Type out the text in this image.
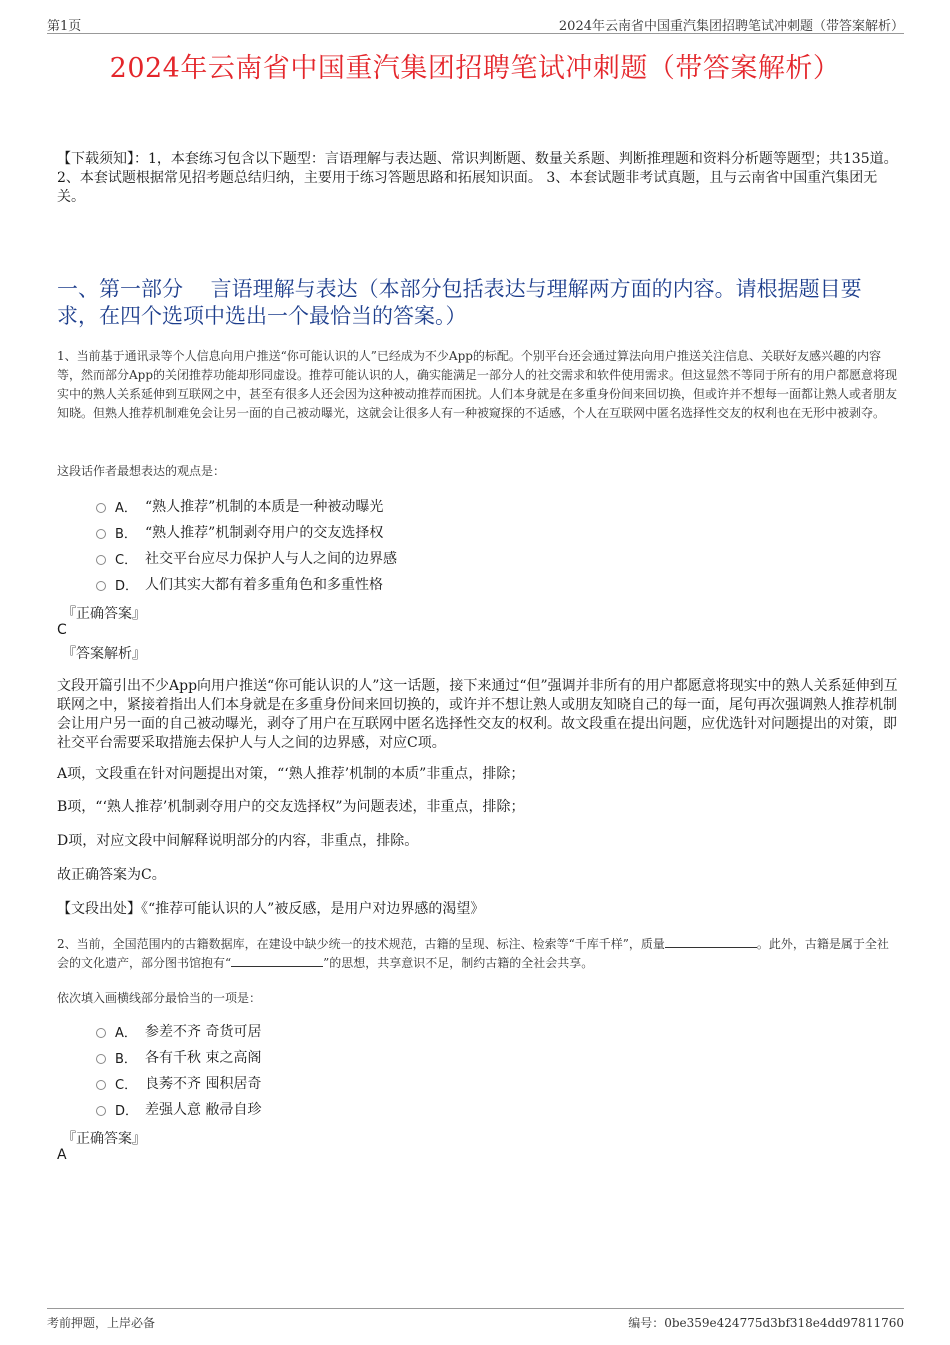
第1页	2024年云南省中国重汽集团招聘笔试冲刺题（带答案解析）
2024年云南省中国重汽集团招聘笔试冲刺题（带答案解析）
【下载须知】：1，本套练习包含以下题型：言语理解与表达题、常识判断题、数量关系题、判断推理题和资料分析题等题型；共135道。 2、本套试题根据常见招考题总结归纳，主要用于练习答题思路和拓展知识面。 3、本套试题非考试真题，且与云南省中国重汽集团无关。
一、第一部分　 言语理解与表达（本部分包括表达与理解两方面的内容。请根据题目要求，在四个选项中选出一个最恰当的答案。）
1、当前基于通讯录等个人信息向用户推送“你可能认识的人”已经成为不少App的标配。个别平台还会通过算法向用户推送关注信息、关联好友感兴趣的内容等，然而部分App的关闭推荐功能却形同虚设。推荐可能认识的人，确实能满足一部分人的社交需求和软件使用需求。但这显然不等同于所有的用户都愿意将现实中的熟人关系延伸到互联网之中，甚至有很多人还会因为这种被动推荐而困扰。人们本身就是在多重身份间来回切换，但或许并不想每一面都让熟人或者朋友知晓。但熟人推荐机制难免会让另一面的自己被动曝光，这就会让很多人有一种被窥探的不适感，个人在互联网中匿名选择性交友的权利也在无形中被剥夺。
这段话作者最想表达的观点是：
A． “熟人推荐”机制的本质是一种被动曝光
B． “熟人推荐”机制剥夺用户的交友选择权
C． 社交平台应尽力保护人与人之间的边界感
D． 人们其实大都有着多重角色和多重性格
『正确答案』
C
『答案解析』
文段开篇引出不少App向用户推送“你可能认识的人”这一话题，接下来通过“但”强调并非所有的用户都愿意将现实中的熟人关系延伸到互联网之中，紧接着指出人们本身就是在多重身份间来回切换的，或许并不想让熟人或朋友知晓自己的每一面，尾句再次强调熟人推荐机制会让用户另一面的自己被动曝光，剥夺了用户在互联网中匿名选择性交友的权利。故文段重在提出问题，应优选针对问题提出的对策，即社交平台需要采取措施去保护人与人之间的边界感，对应C项。
A项，文段重在针对问题提出对策，“‘熟人推荐’机制的本质”非重点，排除；
B项，“‘熟人推荐’机制剥夺用户的交友选择权”为问题表述，非重点，排除；
D项，对应文段中间解释说明部分的内容，非重点，排除。
故正确答案为C。
【文段出处】《“推荐可能认识的人”被反感，是用户对边界感的渴望》
2、当前，全国范围内的古籍数据库，在建设中缺少统一的技术规范，古籍的呈现、标注、检索等“千库千样”，质量	。此外，古籍是属于全社会的文化遗产，部分图书馆抱有“	”的思想，共享意识不足，制约古籍的全社会共享。
依次填入画横线部分最恰当的一项是：
A． 参差不齐 奇货可居
B． 各有千秋 束之高阁
C． 良莠不齐 囤积居奇
D． 差强人意 敝帚自珍
『正确答案』
A
考前押题，上岸必备	编号：0be359e424775d3bf318e4dd97811760
